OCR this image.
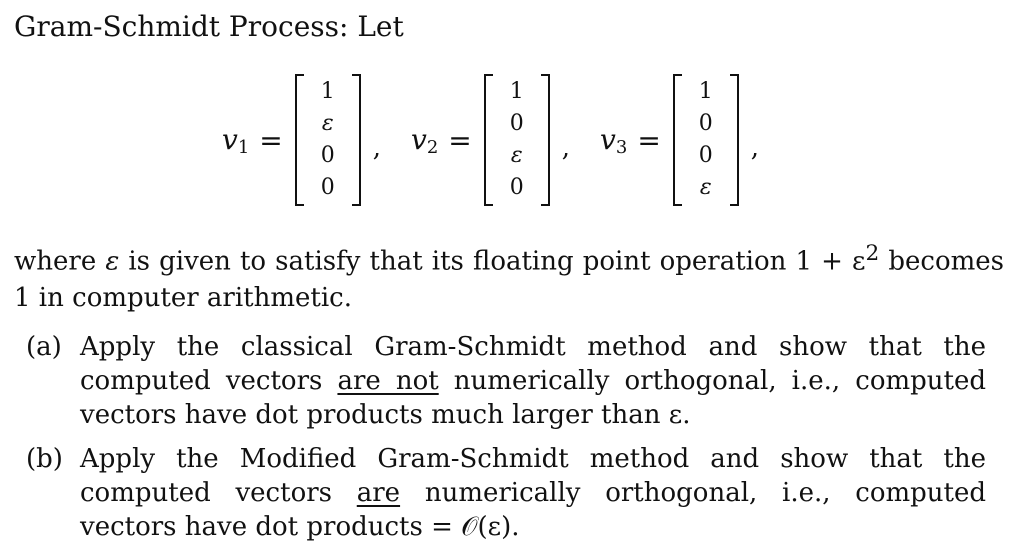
Gram-Schmidt Process: Let
$v_1$ =
1
ε
0
0
, $v_2$ =
1
0
ε
0
, $v_3$ =
1
0
0
ε
,
where ε is given to satisfy that its floating point operation $1 + \varepsilon^2$ becomes 1 in computer arithmetic.
(a) Apply the classical Gram-Schmidt method and show that the computed vectors are not numerically orthogonal, i.e., computed vectors have dot products much larger than ε.
(b) Apply the Modified Gram-Schmidt method and show that the computed vectors are numerically orthogonal, i.e., computed vectors have dot products = 𝒪(ε).
